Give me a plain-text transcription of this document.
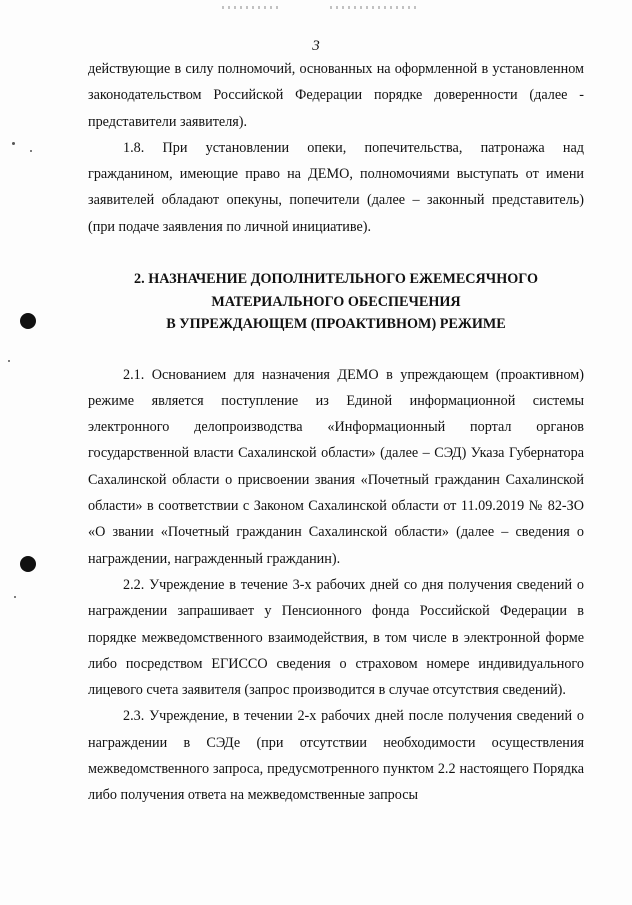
3

действующие в силу полномочий, основанных на оформленной в установленном законодательством Российской Федерации порядке доверенности (далее - представители заявителя).

1.8. При установлении опеки, попечительства, патронажа над гражданином, имеющие право на ДЕМО, полномочиями выступать от имени заявителей обладают опекуны, попечители (далее – законный представитель) (при подаче заявления по личной инициативе).

2. НАЗНАЧЕНИЕ ДОПОЛНИТЕЛЬНОГО ЕЖЕМЕСЯЧНОГО
МАТЕРИАЛЬНОГО ОБЕСПЕЧЕНИЯ
В УПРЕЖДАЮЩЕМ (ПРОАКТИВНОМ) РЕЖИМЕ

2.1. Основанием для назначения ДЕМО в упреждающем (проактивном) режиме является поступление из Единой информационной системы электронного делопроизводства «Информационный портал органов государственной власти Сахалинской области» (далее – СЭД) Указа Губернатора Сахалинской области о присвоении звания «Почетный гражданин Сахалинской области» в соответствии с Законом Сахалинской области от 11.09.2019 № 82-ЗО «О звании «Почетный гражданин Сахалинской области» (далее – сведения о награждении, награжденный гражданин).

2.2. Учреждение в течение 3-х рабочих дней со дня получения сведений о награждении запрашивает у Пенсионного фонда Российской Федерации в порядке межведомственного взаимодействия, в том числе в электронной форме либо посредством ЕГИССО сведения о страховом номере индивидуального лицевого счета заявителя (запрос производится в случае отсутствия сведений).

2.3. Учреждение, в течении 2-х рабочих дней после получения сведений о награждении в СЭДе (при отсутствии необходимости осуществления межведомственного запроса, предусмотренного пунктом 2.2 настоящего Порядка либо получения ответа на межведомственные запросы
